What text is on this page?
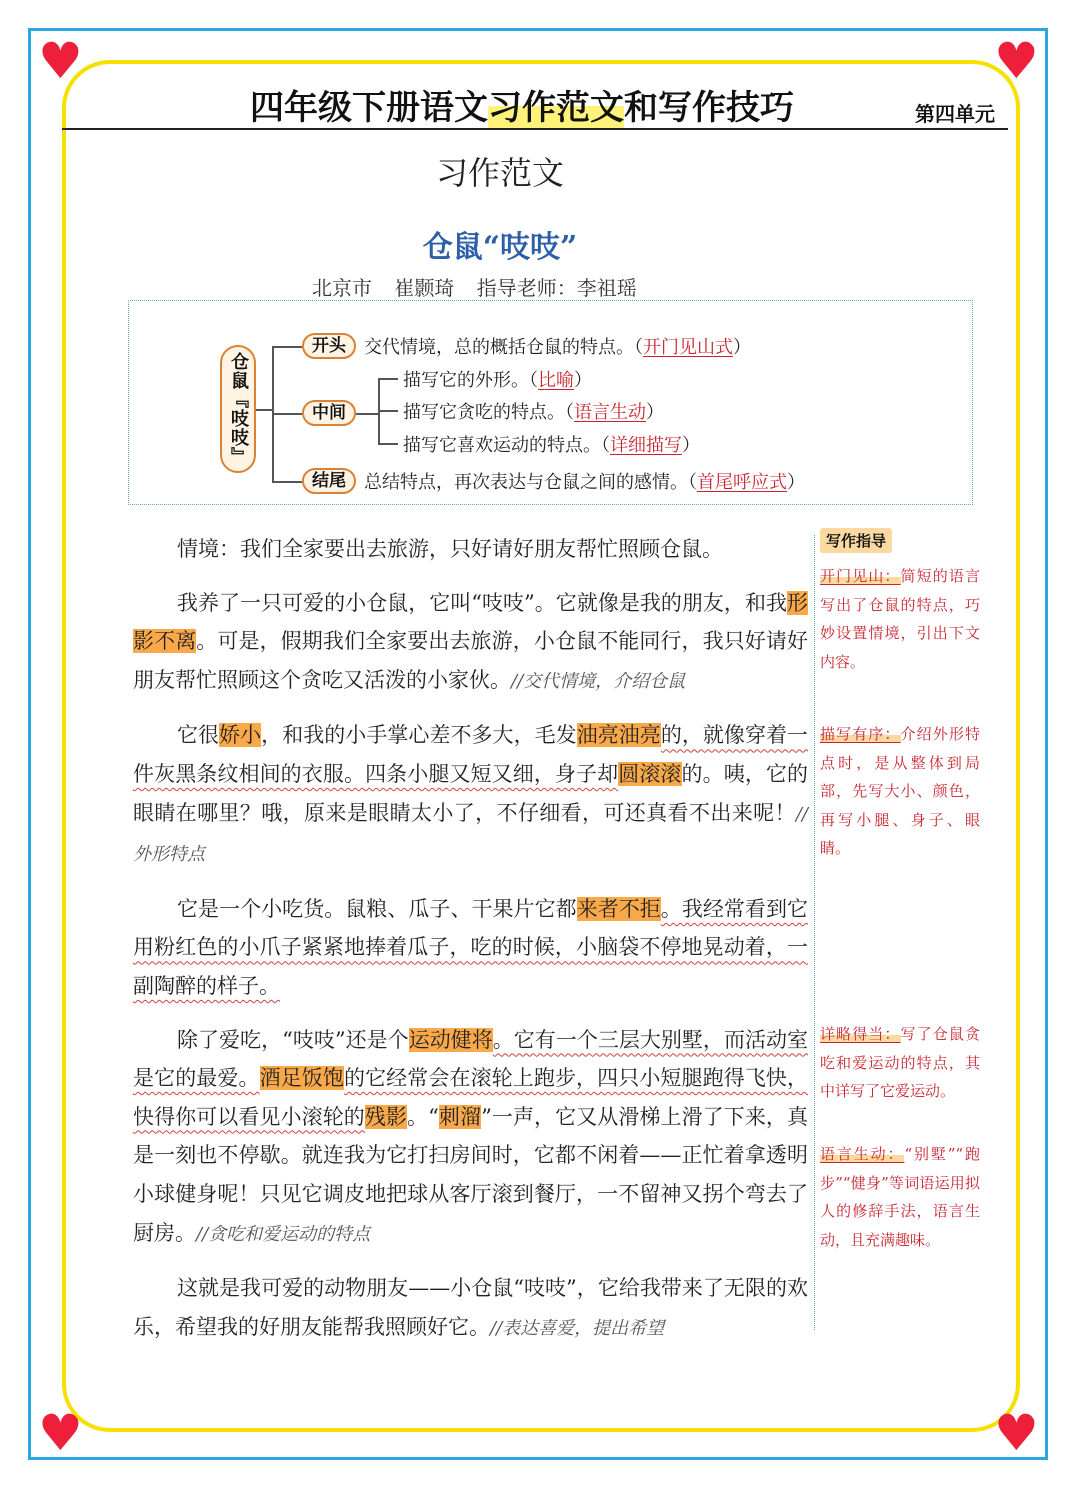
♥	♥
♥	♥
四年级下册语文习作范文和写作技巧	第四单元
习作范文
仓鼠“吱吱”
北京市 崔颢琦 指导老师：李祖瑶
仓鼠『吱吱』
开头	交代情境，总的概括仓鼠的特点。（开门见山式）
中间
描写它的外形。（比喻）
描写它贪吃的特点。（语言生动）
描写它喜欢运动的特点。（详细描写）
结尾	总结特点，再次表达与仓鼠之间的感情。（首尾呼应式）

情境：我们全家要出去旅游，只好请好朋友帮忙照顾仓鼠。

我养了一只可爱的小仓鼠，它叫“吱吱”。它就像是我的朋友，和我形影不离。可是，假期我们全家要出去旅游，小仓鼠不能同行，我只好请好朋友帮忙照顾这个贪吃又活泼的小家伙。//交代情境，介绍仓鼠

它很娇小，和我的小手掌心差不多大，毛发油亮油亮的，就像穿着一件灰黑条纹相间的衣服。四条小腿又短又细，身子却圆滚滚的。咦，它的眼睛在哪里？哦，原来是眼睛太小了，不仔细看，可还真看不出来呢！//外形特点

它是一个小吃货。鼠粮、瓜子、干果片它都来者不拒。我经常看到它用粉红色的小爪子紧紧地捧着瓜子，吃的时候，小脑袋不停地晃动着，一副陶醉的样子。

除了爱吃，“吱吱”还是个运动健将。它有一个三层大别墅，而活动室是它的最爱。酒足饭饱的它经常会在滚轮上跑步，四只小短腿跑得飞快，快得你可以看见小滚轮的残影。“刺溜”一声，它又从滑梯上滑了下来，真是一刻也不停歇。就连我为它打扫房间时，它都不闲着——正忙着拿透明小球健身呢！只见它调皮地把球从客厅滚到餐厅，一不留神又拐个弯去了厨房。//贪吃和爱运动的特点

这就是我可爱的动物朋友——小仓鼠“吱吱”，它给我带来了无限的欢乐，希望我的好朋友能帮我照顾好它。//表达喜爱，提出希望

写作指导
开门见山：简短的语言写出了仓鼠的特点，巧妙设置情境，引出下文内容。
描写有序：介绍外形特点时，是从整体到局部，先写大小、颜色，再写小腿、身子、眼睛。
详略得当：写了仓鼠贪吃和爱运动的特点，其中详写了它爱运动。
语言生动：“别墅”“跑步”“健身”等词语运用拟人的修辞手法，语言生动，且充满趣味。
